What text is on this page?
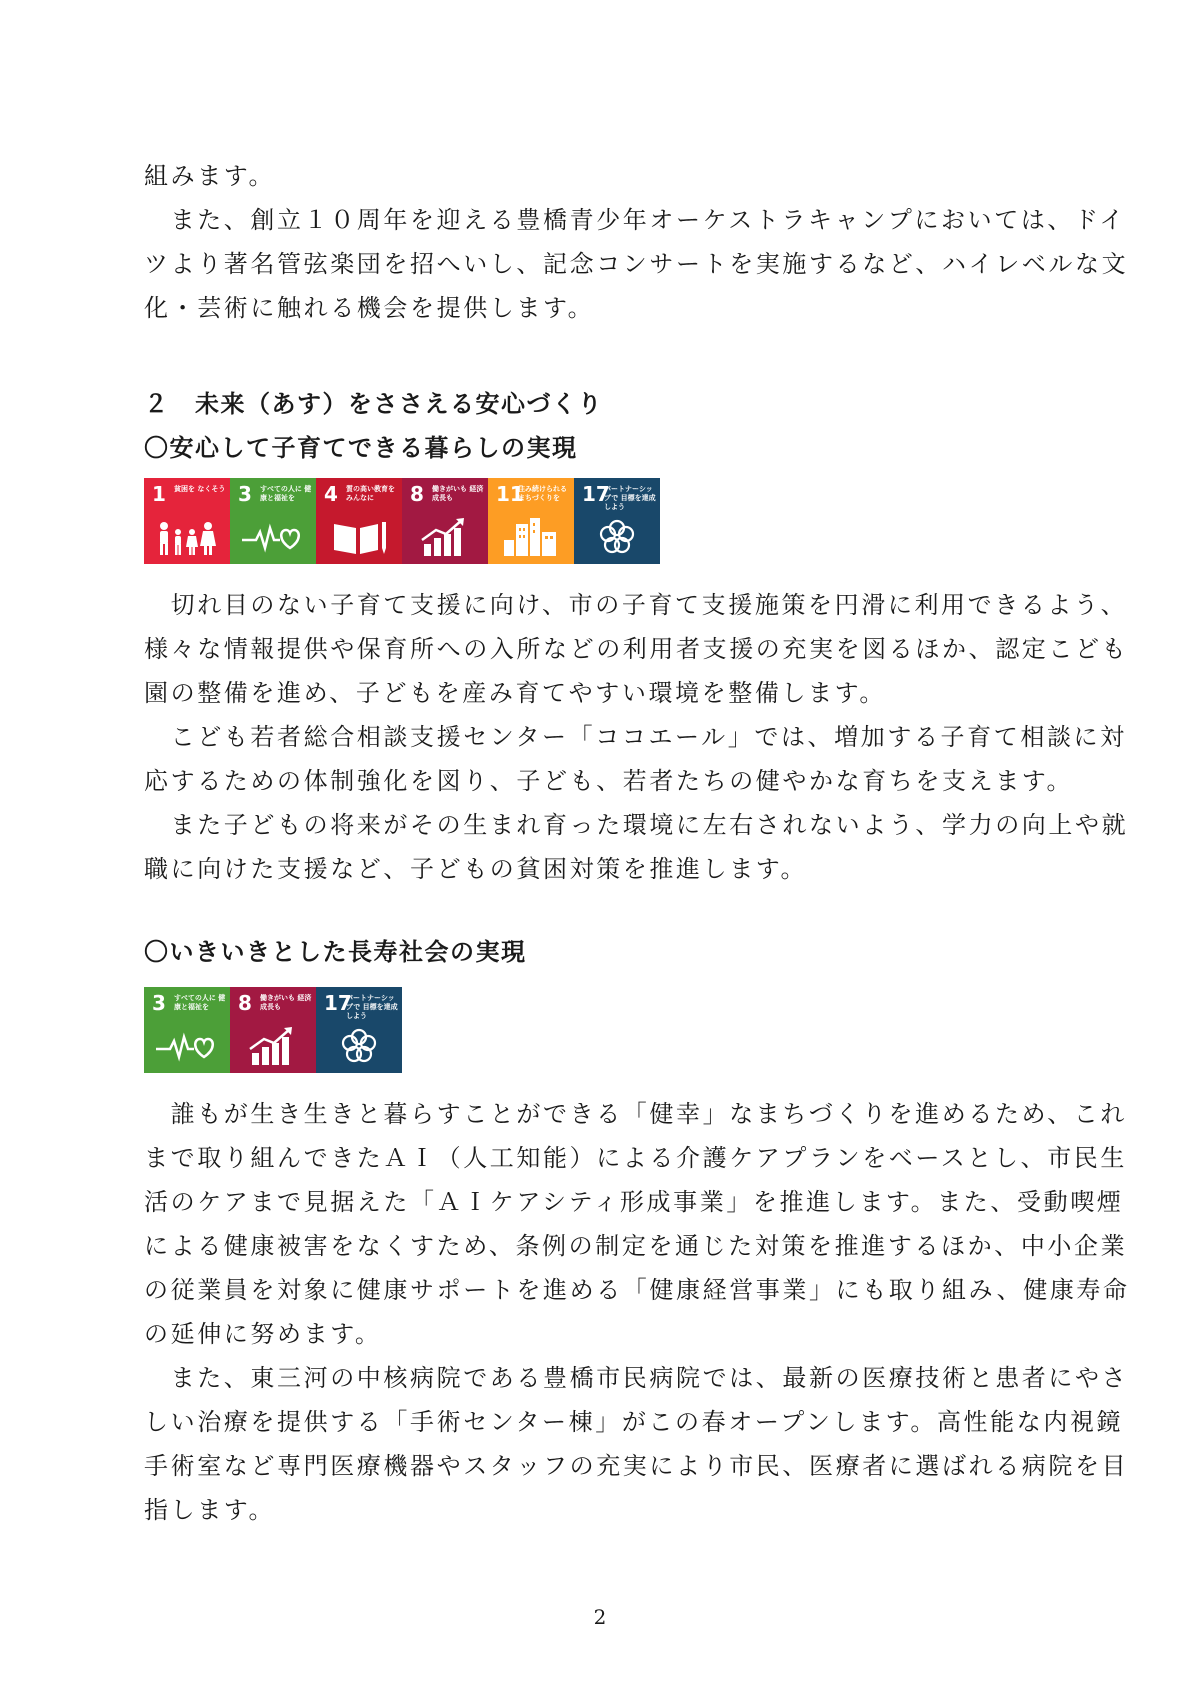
組みます。
　また、創立１０周年を迎える豊橋青少年オーケストラキャンプにおいては、ドイ
ツより著名管弦楽団を招へいし、記念コンサートを実施するなど、ハイレベルな文
化・芸術に触れる機会を提供します。
２　未来（あす）をささえる安心づくり
〇安心して子育てできる暮らしの実現
1 貧困を なくそう 3 すべての人に 健康と福祉を	4 質の高い教育を みんなに	8 働きがいも 経済成長も	11
住み続けられる まちづくりを	17
パートナーシップで 目標を達成しよう
　切れ目のない子育て支援に向け、市の子育て支援施策を円滑に利用できるよう、
様々な情報提供や保育所への入所などの利用者支援の充実を図るほか、認定こども
園の整備を進め、子どもを産み育てやすい環境を整備します。
　こども若者総合相談支援センター「ココエール」では、増加する子育て相談に対
応するための体制強化を図り、子ども、若者たちの健やかな育ちを支えます。
　また子どもの将来がその生まれ育った環境に左右されないよう、学力の向上や就
職に向けた支援など、子どもの貧困対策を推進します。
〇いきいきとした長寿社会の実現
3 すべての人に 健康と福祉を	8 働きがいも 経済成長も	17
パートナーシップで 目標を達成しよう
　誰もが生き生きと暮らすことができる「健幸」なまちづくりを進めるため、これ
まで取り組んできたＡＩ（人工知能）による介護ケアプランをベースとし、市民生
活のケアまで見据えた「ＡＩケアシティ形成事業」を推進します。また、受動喫煙
による健康被害をなくすため、条例の制定を通じた対策を推進するほか、中小企業
の従業員を対象に健康サポートを進める「健康経営事業」にも取り組み、健康寿命
の延伸に努めます。
　また、東三河の中核病院である豊橋市民病院では、最新の医療技術と患者にやさ
しい治療を提供する「手術センター棟」がこの春オープンします。高性能な内視鏡
手術室など専門医療機器やスタッフの充実により市民、医療者に選ばれる病院を目
指します。
2
